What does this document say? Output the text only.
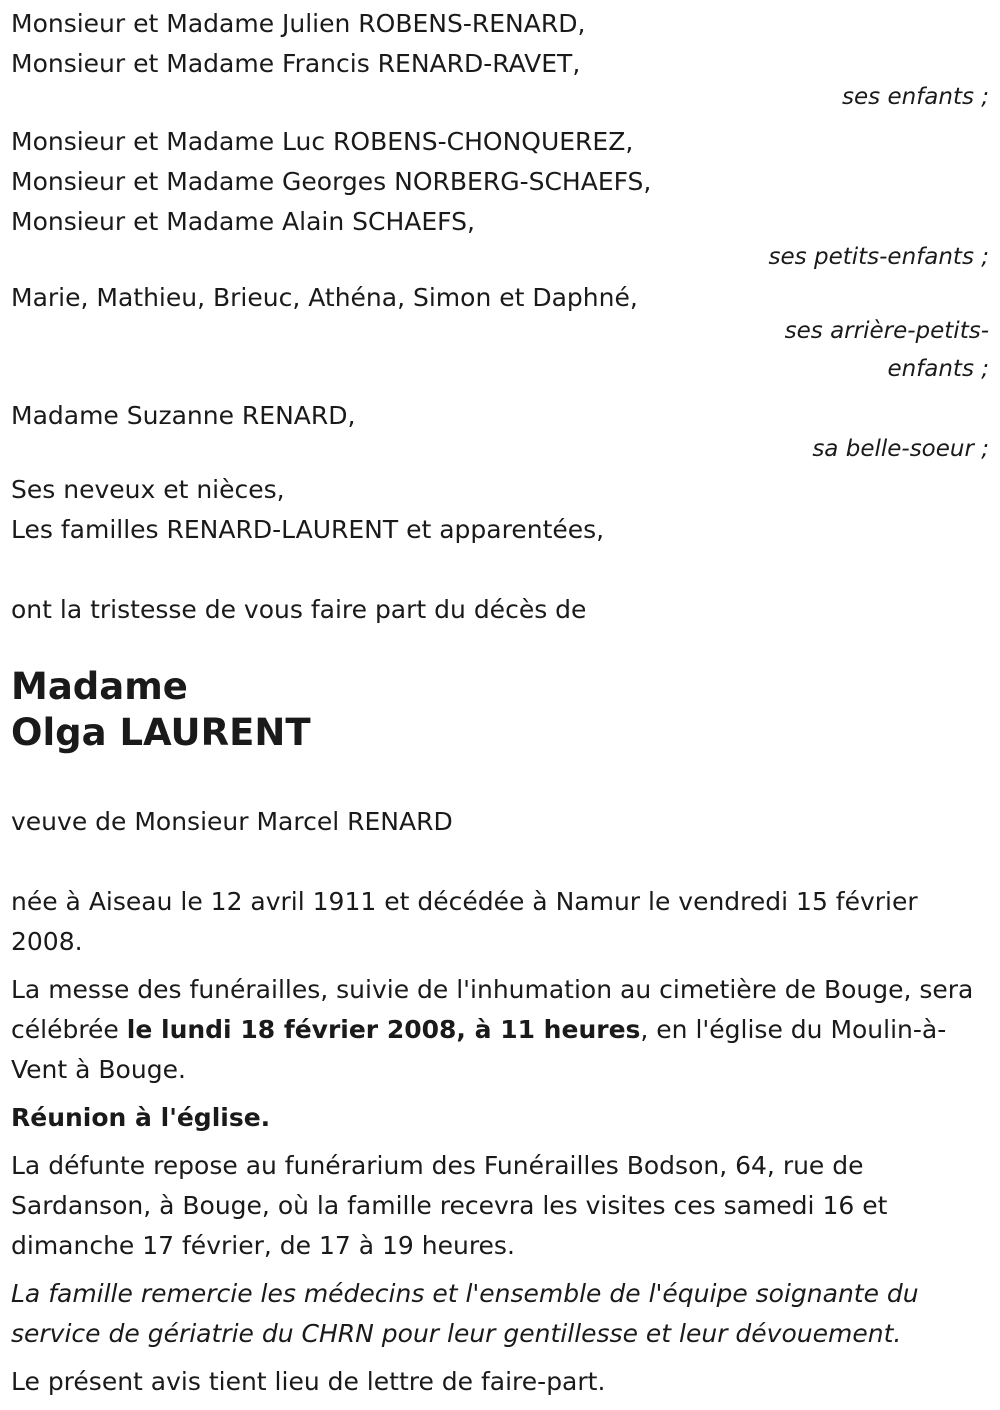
Monsieur et Madame Julien ROBENS-RENARD,
Monsieur et Madame Francis RENARD-RAVET,
ses enfants ;
Monsieur et Madame Luc ROBENS-CHONQUEREZ,
Monsieur et Madame Georges NORBERG-SCHAEFS,
Monsieur et Madame Alain SCHAEFS,
ses petits-enfants ;
Marie, Mathieu, Brieuc, Athéna, Simon et Daphné,
ses arrière-petits-enfants ;
Madame Suzanne RENARD,
sa belle-soeur ;
Ses neveux et nièces,
Les familles RENARD-LAURENT et apparentées,
ont la tristesse de vous faire part du décès de
Madame
Olga LAURENT
veuve de Monsieur Marcel RENARD
née à Aiseau le 12 avril 1911 et décédée à Namur le vendredi 15 février 2008.
La messe des funérailles, suivie de l'inhumation au cimetière de Bouge, sera célébrée le lundi 18 février 2008, à 11 heures, en l'église du Moulin-à-Vent à Bouge.
Réunion à l'église.
La défunte repose au funérarium des Funérailles Bodson, 64, rue de Sardanson, à Bouge, où la famille recevra les visites ces samedi 16 et dimanche 17 février, de 17 à 19 heures.
La famille remercie les médecins et l'ensemble de l'équipe soignante du service de gériatrie du CHRN pour leur gentillesse et leur dévouement.
Le présent avis tient lieu de lettre de faire-part.
